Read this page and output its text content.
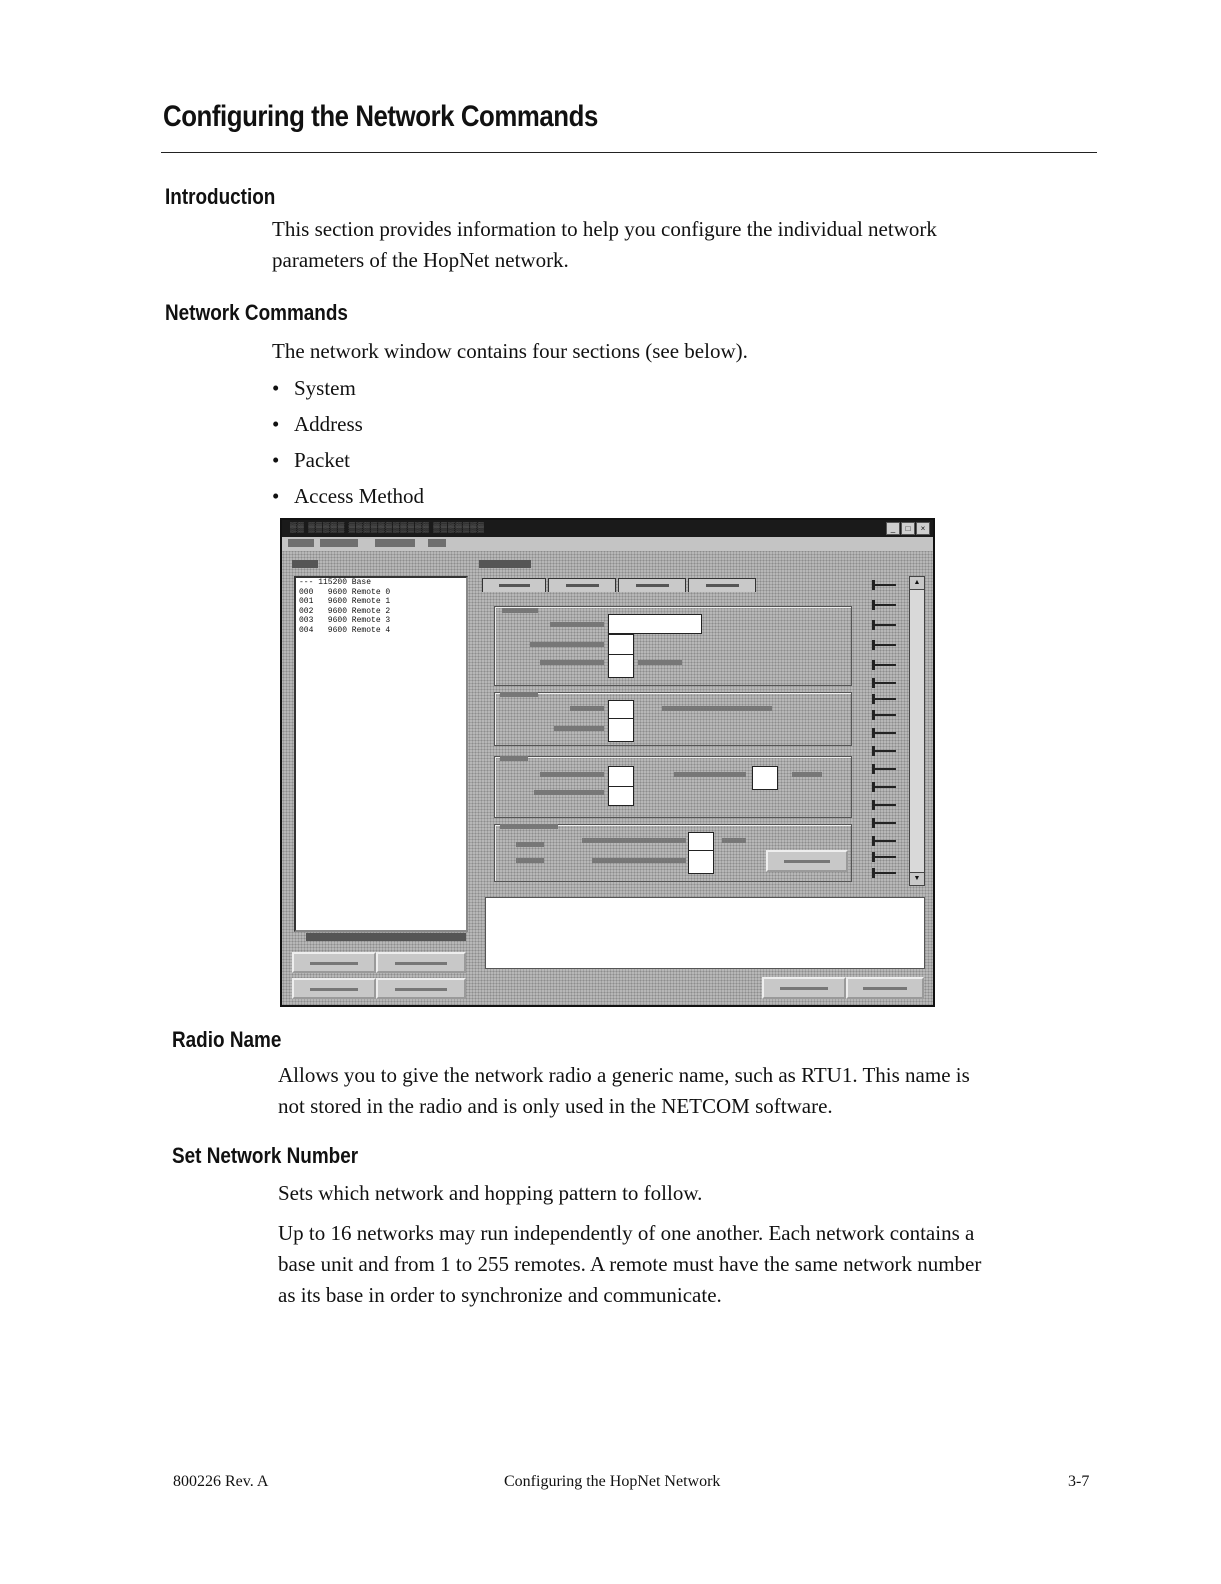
Configuring the Network Commands
Introduction
This section provides information to help you configure the individual network
parameters of the HopNet network.
Network Commands
The network window contains four sections (see below).
• System
• Address
• Packet
• Access Method
▒▒ ▒▒▒▒▒ ▒▒▒▒▒▒▒▒▒▒▒ ▒▒▒▒▒▒▒	_	□	×
--- 115200 Base
000   9600 Remote 0
001   9600 Remote 1
002   9600 Remote 2
003   9600 Remote 3
004   9600 Remote 4
▲
▼
Radio Name
Allows you to give the network radio a generic name, such as RTU1. This name is
not stored in the radio and is only used in the NETCOM software.
Set Network Number
Sets which network and hopping pattern to follow.
Up to 16 networks may run independently of one another. Each network contains a
base unit and from 1 to 255 remotes. A remote must have the same network number
as its base in order to synchronize and communicate.
800226 Rev. A	Configuring the HopNet Network	3-7
